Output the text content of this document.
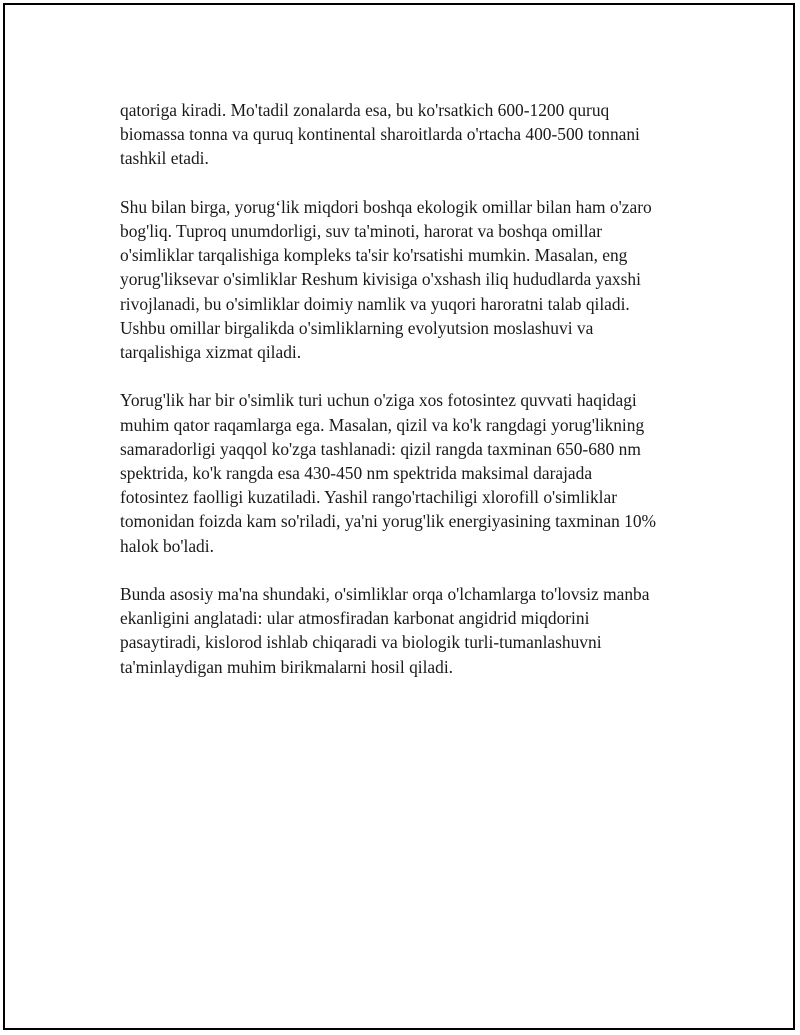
qatoriga kiradi. Mo'tadil zonalarda esa, bu ko'rsatkich 600-1200 quruq
biomassa tonna va quruq kontinental sharoitlarda o'rtacha 400-500 tonnani
tashkil etadi.

Shu bilan birga, yorug‘lik miqdori boshqa ekologik omillar bilan ham o'zaro
bog'liq. Tuproq unumdorligi, suv ta'minoti, harorat va boshqa omillar
o'simliklar tarqalishiga kompleks ta'sir ko'rsatishi mumkin. Masalan, eng
yorug'liksevar o'simliklar Reshum kivisiga o'xshash iliq hududlarda yaxshi
rivojlanadi, bu o'simliklar doimiy namlik va yuqori haroratni talab qiladi.
Ushbu omillar birgalikda o'simliklarning evolyutsion moslashuvi va
tarqalishiga xizmat qiladi.

Yorug'lik har bir o'simlik turi uchun o'ziga xos fotosintez quvvati haqidagi
muhim qator raqamlarga ega. Masalan, qizil va ko'k rangdagi yorug'likning
samaradorligi yaqqol ko'zga tashlanadi: qizil rangda taxminan 650-680 nm
spektrida, ko'k rangda esa 430-450 nm spektrida maksimal darajada
fotosintez faolligi kuzatiladi. Yashil rango'rtachiligi xlorofill o'simliklar
tomonidan foizda kam so'riladi, ya'ni yorug'lik energiyasining taxminan 10%
halok bo'ladi.

Bunda asosiy ma'na shundaki, o'simliklar orqa o'lchamlarga to'lovsiz manba
ekanligini anglatadi: ular atmosfiradan karbonat angidrid miqdorini
pasaytiradi, kislorod ishlab chiqaradi va biologik turli-tumanlashuvni
ta'minlaydigan muhim birikmalarni hosil qiladi.
